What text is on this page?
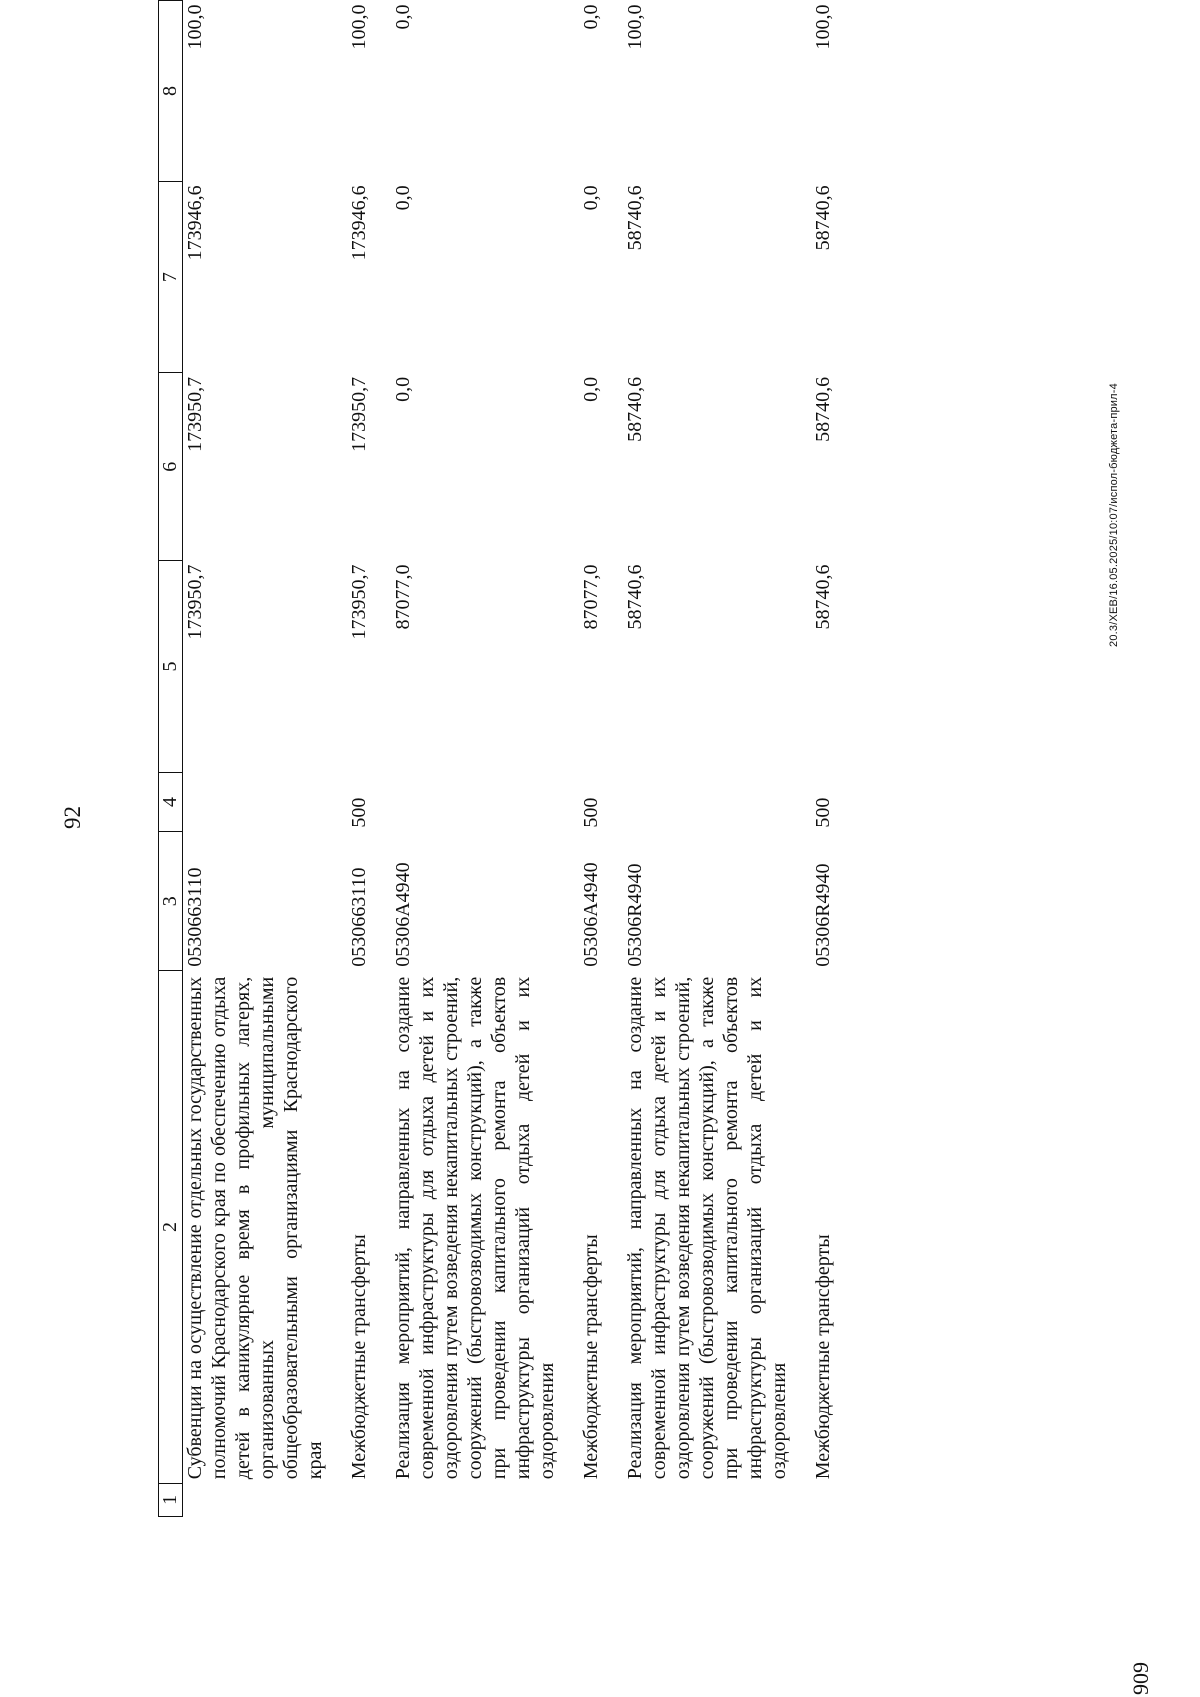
92
909
20.3/XEB/16.05.2025/10:07/испол-бюджета-прил-4
1	2	3	4	5	6	7	8
	Субвенции на осуществление отдельных государственных полномочий Краснодарского края по обеспечению отдыха детей в каникулярное время в профильных лагерях, организованных муниципальными общеобразовательными организациями Краснодарского края	0530663110		173950,7	173950,7	173946,6	100,0
	Межбюджетные трансферты	0530663110	500	173950,7	173950,7	173946,6	100,0
	Реализация мероприятий, направленных на создание современной инфраструктуры для отдыха детей и их оздоровления путем возведения некапитальных строений, сооружений (быстровозводимых конструкций), а также при проведении капитального ремонта объектов инфраструктуры организаций отдыха детей и их оздоровления	05306A4940		87077,0	0,0	0,0	0,0
	Межбюджетные трансферты	05306A4940	500	87077,0	0,0	0,0	0,0
	Реализация мероприятий, направленных на создание современной инфраструктуры для отдыха детей и их оздоровления путем возведения некапитальных строений, сооружений (быстровозводимых конструкций), а также при проведении капитального ремонта объектов инфраструктуры организаций отдыха детей и их оздоровления	05306R4940		58740,6	58740,6	58740,6	100,0
	Межбюджетные трансферты	05306R4940	500	58740,6	58740,6	58740,6	100,0
